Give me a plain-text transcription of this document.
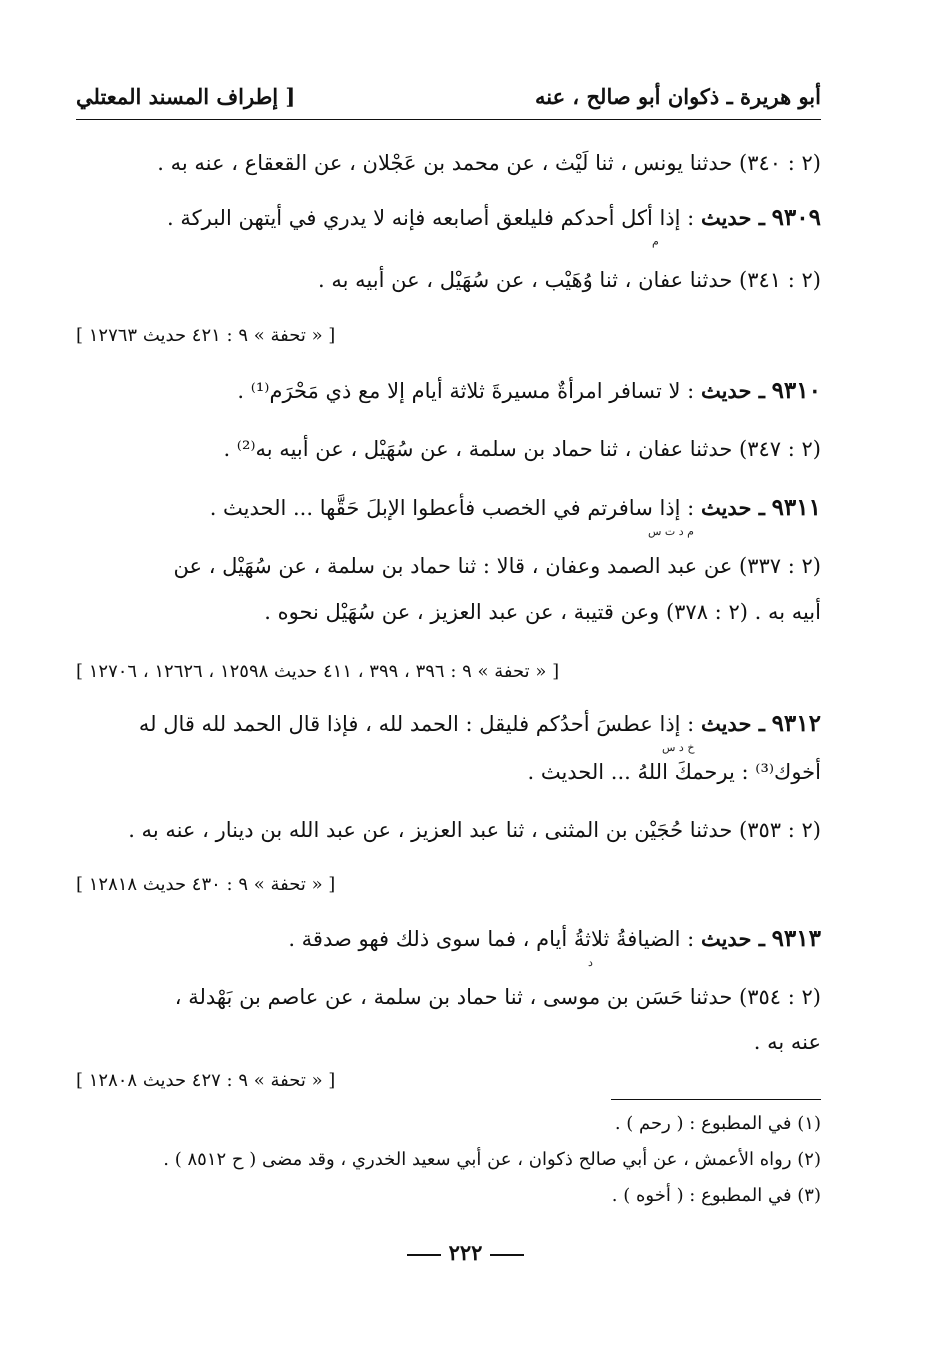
أبو هريرة ـ ذكوان أبو صالح ، عنه
[ إطراف المسند المعتلي
(٢ : ٣٤٠) حدثنا يونس ، ثنا لَيْث ، عن محمد بن عَجْلان ، عن القعقاع ، عنه به .
٩٣٠٩ ـ حديث : إذا أكل أحدكم فليلعق أصابعه فإنه لا يدري في أيتهن البركة .
م
(٢ : ٣٤١) حدثنا عفان ، ثنا وُهَيْب ، عن سُهَيْل ، عن أبيه به .
[ « تحفة » ٩ : ٤٢١ حديث ١٢٧٦٣ ]
٩٣١٠ ـ حديث : لا تسافر امرأةٌ مسيرةَ ثلاثة أيام إلا مع ذي مَحْرَم⁽¹⁾ .
(٢ : ٣٤٧) حدثنا عفان ، ثنا حماد بن سلمة ، عن سُهَيْل ، عن أبيه به⁽²⁾ .
٩٣١١ ـ حديث : إذا سافرتم في الخصب فأعطوا الإبلَ حَقَّها ... الحديث .
م د ت س
(٢ : ٣٣٧) عن عبد الصمد وعفان ، قالا : ثنا حماد بن سلمة ، عن سُهَيْل ، عن
أبيه به . (٢ : ٣٧٨) وعن قتيبة ، عن عبد العزيز ، عن سُهَيْل نحوه .
[ « تحفة » ٩ : ٣٩٦ ، ٣٩٩ ، ٤١١ حديث ١٢٥٩٨ ، ١٢٦٢٦ ، ١٢٧٠٦ ]
٩٣١٢ ـ حديث : إذا عطسَ أحدُكم فليقل : الحمد لله ، فإذا قال الحمد لله قال له
خ د س
أخوك⁽³⁾ : يرحمكَ اللهُ ... الحديث .
(٢ : ٣٥٣) حدثنا حُجَيْن بن المثنى ، ثنا عبد العزيز ، عن عبد الله بن دينار ، عنه به .
[ « تحفة » ٩ : ٤٣٠ حديث ١٢٨١٨ ]
٩٣١٣ ـ حديث : الضيافةُ ثلاثةُ أيام ، فما سوى ذلك فهو صدقة .
د
(٢ : ٣٥٤) حدثنا حَسَن بن موسى ، ثنا حماد بن سلمة ، عن عاصم بن بَهْدلة ،
عنه به .
[ « تحفة » ٩ : ٤٢٧ حديث ١٢٨٠٨ ]
(١) في المطبوع : ( رحم ) .
(٢) رواه الأعمش ، عن أبي صالح ذكوان ، عن أبي سعيد الخدري ، وقد مضى ( ح ٨٥١٢ ) .
(٣) في المطبوع : ( أخوه ) .
٢٢٢
